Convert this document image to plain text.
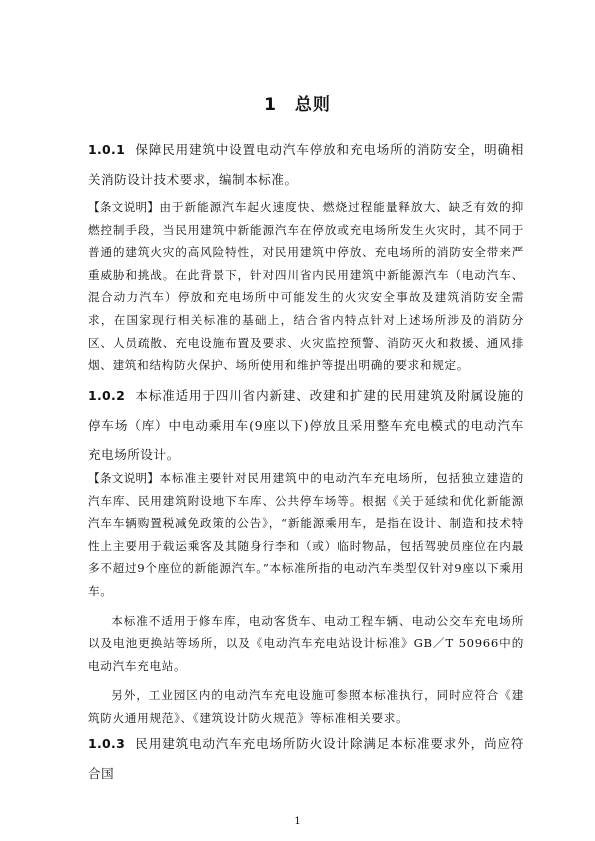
1 总则

1.0.1 保障民用建筑中设置电动汽车停放和充电场所的消防安全，明确相关消防设计技术要求，编制本标准。

【条文说明】由于新能源汽车起火速度快、燃烧过程能量释放大、缺乏有效的抑燃控制手段，当民用建筑中新能源汽车在停放或充电场所发生火灾时，其不同于普通的建筑火灾的高风险特性，对民用建筑中停放、充电场所的消防安全带来严重威胁和挑战。在此背景下，针对四川省内民用建筑中新能源汽车（电动汽车、混合动力汽车）停放和充电场所中可能发生的火灾安全事故及建筑消防安全需求，在国家现行相关标准的基础上，结合省内特点针对上述场所涉及的消防分区、人员疏散、充电设施布置及要求、火灾监控预警、消防灭火和救援、通风排烟、建筑和结构防火保护、场所使用和维护等提出明确的要求和规定。

1.0.2 本标准适用于四川省内新建、改建和扩建的民用建筑及附属设施的停车场（库）中电动乘用车(9座以下)停放且采用整车充电模式的电动汽车充电场所设计。

【条文说明】本标准主要针对民用建筑中的电动汽车充电场所，包括独立建造的汽车库、民用建筑附设地下车库、公共停车场等。根据《关于延续和优化新能源汽车车辆购置税减免政策的公告》，“新能源乘用车，是指在设计、制造和技术特性上主要用于载运乘客及其随身行李和（或）临时物品，包括驾驶员座位在内最多不超过9个座位的新能源汽车。”本标准所指的电动汽车类型仅针对9座以下乘用车。

本标准不适用于修车库，电动客货车、电动工程车辆、电动公交车充电场所以及电池更换站等场所，以及《电动汽车充电站设计标准》GB／T 50966中的电动汽车充电站。

另外，工业园区内的电动汽车充电设施可参照本标准执行，同时应符合《建筑防火通用规范》、《建筑设计防火规范》等标准相关要求。

1.0.3 民用建筑电动汽车充电场所防火设计除满足本标准要求外，尚应符合国

1
